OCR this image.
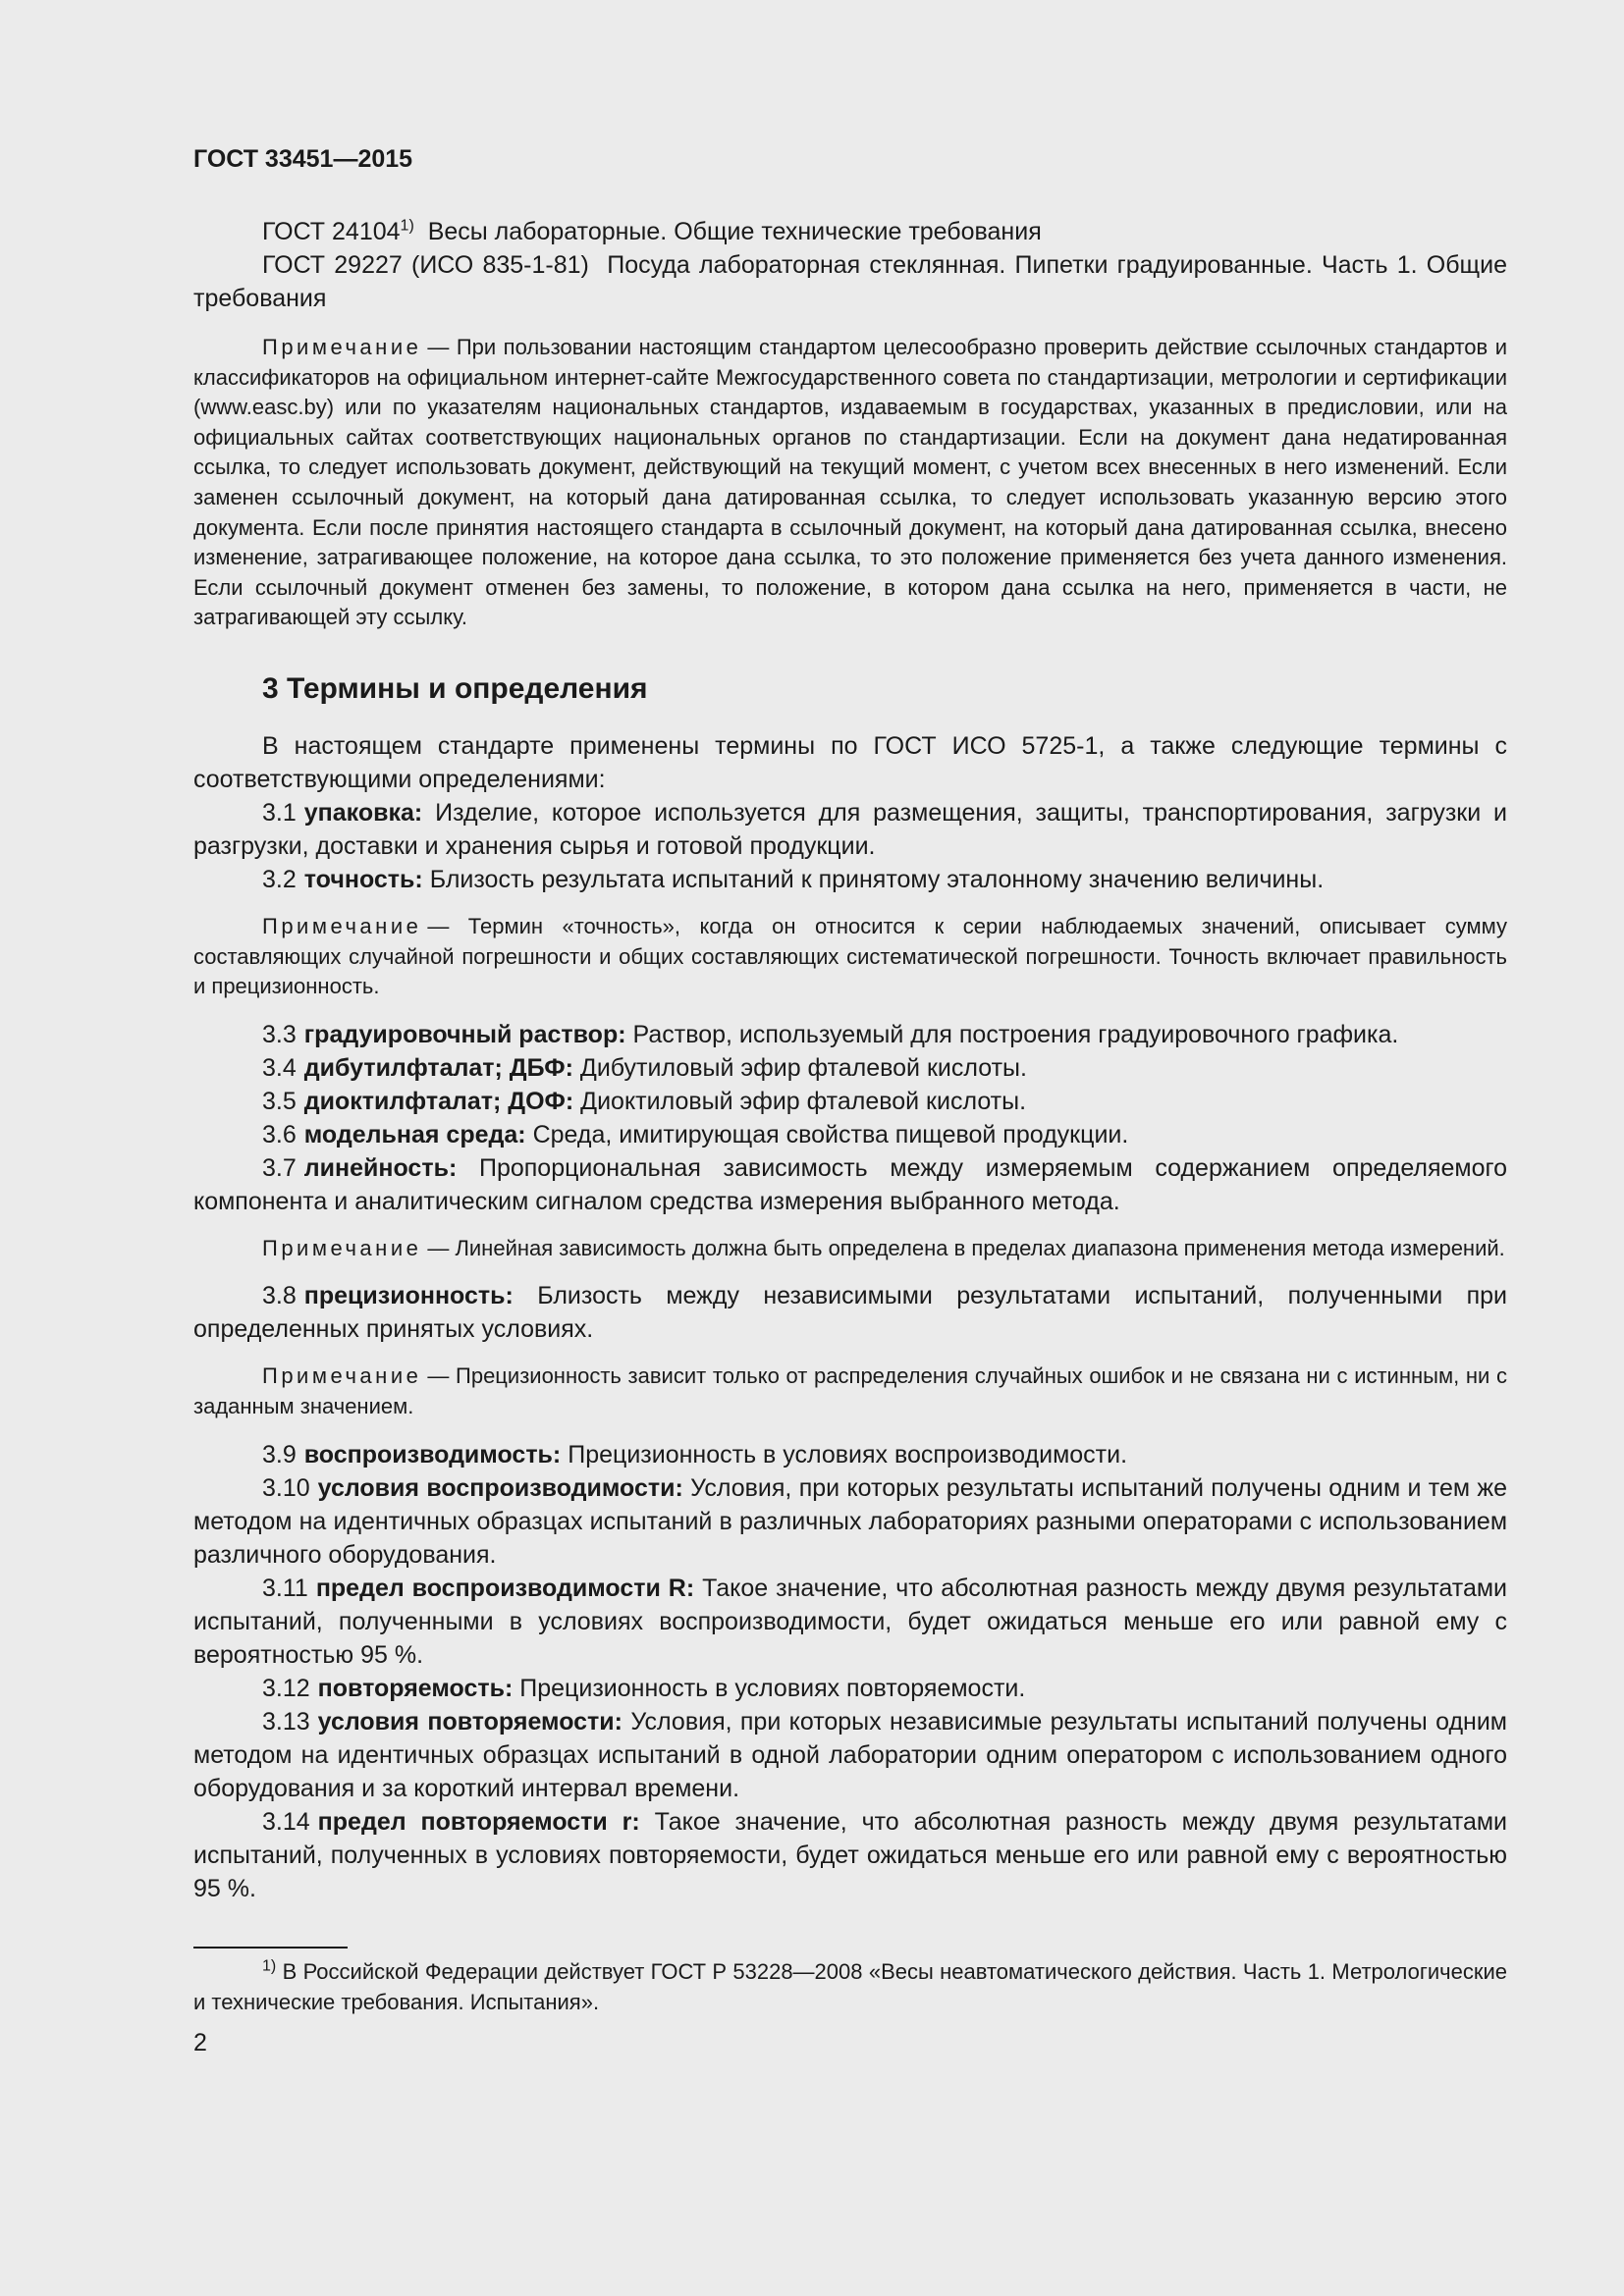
ГОСТ 33451—2015

ГОСТ 24104$^{1)}$ Весы лабораторные. Общие технические требования

ГОСТ 29227 (ИСО 835-1-81) Посуда лабораторная стеклянная. Пипетки градуированные. Часть 1. Общие требования

Примечание — При пользовании настоящим стандартом целесообразно проверить действие ссылочных стандартов и классификаторов на официальном интернет-сайте Межгосударственного совета по стандартизации, метрологии и сертификации (www.easc.by) или по указателям национальных стандартов, издаваемым в государствах, указанных в предисловии, или на официальных сайтах соответствующих национальных органов по стандартизации. Если на документ дана недатированная ссылка, то следует использовать документ, действующий на текущий момент, с учетом всех внесенных в него изменений. Если заменен ссылочный документ, на который дана датированная ссылка, то следует использовать указанную версию этого документа. Если после принятия настоящего стандарта в ссылочный документ, на который дана датированная ссылка, внесено изменение, затрагивающее положение, на которое дана ссылка, то это положение применяется без учета данного изменения. Если ссылочный документ отменен без замены, то положение, в котором дана ссылка на него, применяется в части, не затрагивающей эту ссылку.

3 Термины и определения

В настоящем стандарте применены термины по ГОСТ ИСО 5725-1, а также следующие термины с соответствующими определениями:

3.1 упаковка: Изделие, которое используется для размещения, защиты, транспортирования, загрузки и разгрузки, доставки и хранения сырья и готовой продукции.

3.2 точность: Близость результата испытаний к принятому эталонному значению величины.

Примечание — Термин «точность», когда он относится к серии наблюдаемых значений, описывает сумму составляющих случайной погрешности и общих составляющих систематической погрешности. Точность включает правильность и прецизионность.

3.3 градуировочный раствор: Раствор, используемый для построения градуировочного графика.

3.4 дибутилфталат; ДБФ: Дибутиловый эфир фталевой кислоты.

3.5 диоктилфталат; ДОФ: Диоктиловый эфир фталевой кислоты.

3.6 модельная среда: Среда, имитирующая свойства пищевой продукции.

3.7 линейность: Пропорциональная зависимость между измеряемым содержанием определяемого компонента и аналитическим сигналом средства измерения выбранного метода.

Примечание — Линейная зависимость должна быть определена в пределах диапазона применения метода измерений.

3.8 прецизионность: Близость между независимыми результатами испытаний, полученными при определенных принятых условиях.

Примечание — Прецизионность зависит только от распределения случайных ошибок и не связана ни с истинным, ни с заданным значением.

3.9 воспроизводимость: Прецизионность в условиях воспроизводимости.

3.10 условия воспроизводимости: Условия, при которых результаты испытаний получены одним и тем же методом на идентичных образцах испытаний в различных лабораториях разными операторами с использованием различного оборудования.

3.11 предел воспроизводимости R: Такое значение, что абсолютная разность между двумя результатами испытаний, полученными в условиях воспроизводимости, будет ожидаться меньше его или равной ему с вероятностью 95 %.

3.12 повторяемость: Прецизионность в условиях повторяемости.

3.13 условия повторяемости: Условия, при которых независимые результаты испытаний получены одним методом на идентичных образцах испытаний в одной лаборатории одним оператором с использованием одного оборудования и за короткий интервал времени.

3.14 предел повторяемости r: Такое значение, что абсолютная разность между двумя результатами испытаний, полученных в условиях повторяемости, будет ожидаться меньше его или равной ему с вероятностью 95 %.

$^{1)}$ В Российской Федерации действует ГОСТ Р 53228—2008 «Весы неавтоматического действия. Часть 1. Метрологические и технические требования. Испытания».

2
